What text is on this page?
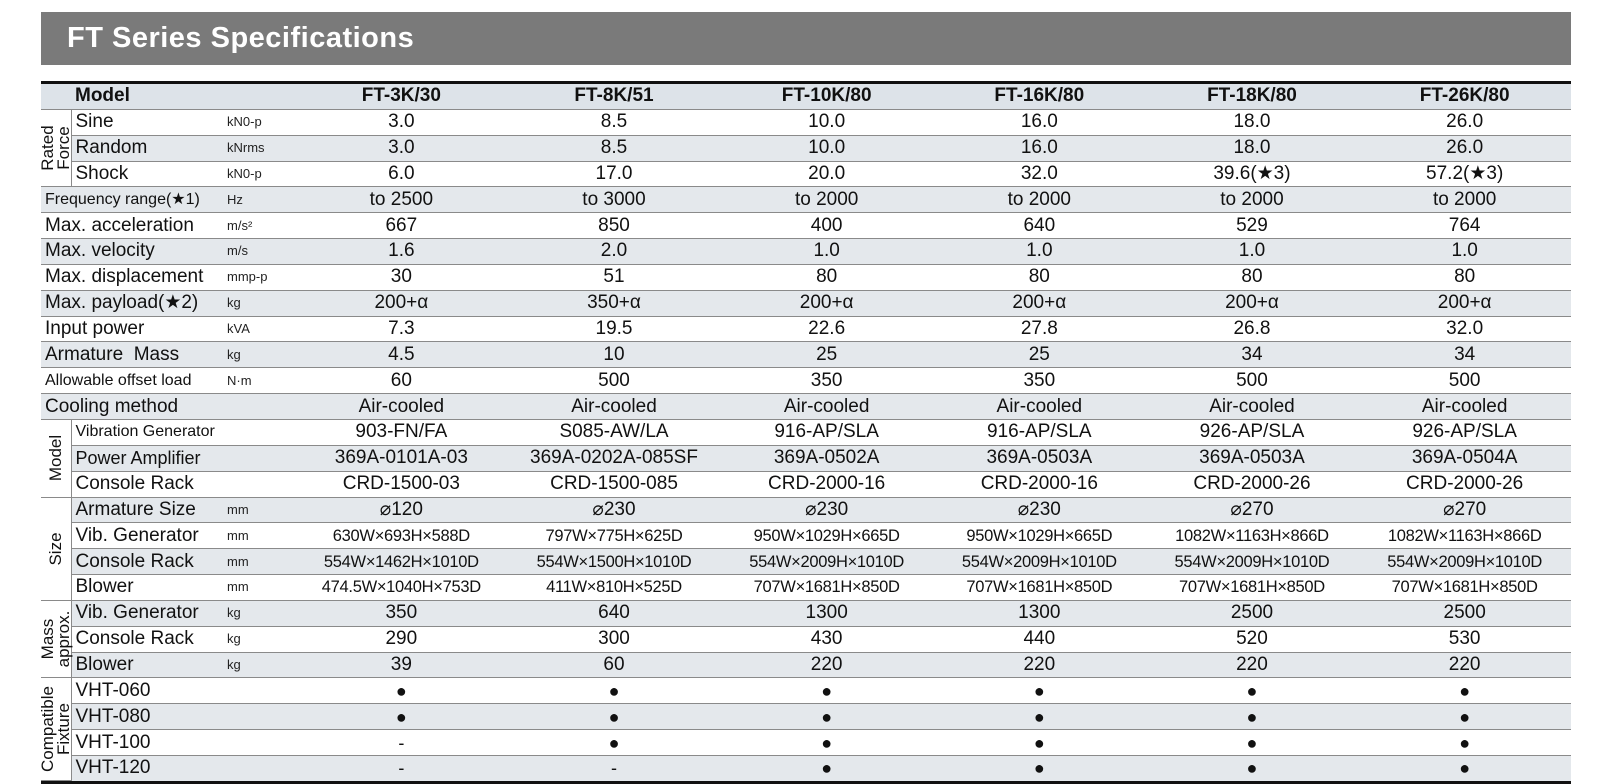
FT Series Specifications
Model			FT-3K/30	FT-8K/51	FT-10K/80	FT-16K/80	FT-18K/80	FT-26K/80

Rated Force	Sine	kN0-p	3.0	8.5	10.0	16.0	18.0	26.0
	Random	kNrms	3.0	8.5	10.0	16.0	18.0	26.0
	Shock	kN0-p	6.0	17.0	20.0	32.0	39.6(★3)	57.2(★3)
Frequency range(★1)		Hz	to 2500	to 3000	to 2000	to 2000	to 2000	to 2000
Max. acceleration		m/s²	667	850	400	640	529	764
Max. velocity		m/s	1.6	2.0	1.0	1.0	1.0	1.0
Max. displacement		mmp-p	30	51	80	80	80	80
Max. payload(★2)		kg	200+α	350+α	200+α	200+α	200+α	200+α
Input power		kVA	7.3	19.5	22.6	27.8	26.8	32.0
Armature  Mass		kg	4.5	10	25	25	34	34
Allowable offset load		N·m	60	500	350	350	500	500
Cooling method			Air-cooled	Air-cooled	Air-cooled	Air-cooled	Air-cooled	Air-cooled

Model	Vibration Generator		903-FN/FA	S085-AW/LA	916-AP/SLA	916-AP/SLA	926-AP/SLA	926-AP/SLA
	Power Amplifier		369A-0101A-03	369A-0202A-085SF	369A-0502A	369A-0503A	369A-0503A	369A-0504A
	Console Rack		CRD-1500-03	CRD-1500-085	CRD-2000-16	CRD-2000-16	CRD-2000-26	CRD-2000-26

Size	Armature Size	mm	⌀120	⌀230	⌀230	⌀230	⌀270	⌀270
	Vib. Generator	mm	630W×693H×588D	797W×775H×625D	950W×1029H×665D	950W×1029H×665D	1082W×1163H×866D	1082W×1163H×866D
	Console Rack	mm	554W×1462H×1010D	554W×1500H×1010D	554W×2009H×1010D	554W×2009H×1010D	554W×2009H×1010D	554W×2009H×1010D
	Blower	mm	474.5W×1040H×753D	411W×810H×525D	707W×1681H×850D	707W×1681H×850D	707W×1681H×850D	707W×1681H×850D

Mass approx.	Vib. Generator	kg	350	640	1300	1300	2500	2500
	Console Rack	kg	290	300	430	440	520	530
	Blower	kg	39	60	220	220	220	220

Compatible Fixture	VHT-060		●	●	●	●	●	●
	VHT-080		●	●	●	●	●	●
	VHT-100		-	●	●	●	●	●
	VHT-120		-	-	●	●	●	●
